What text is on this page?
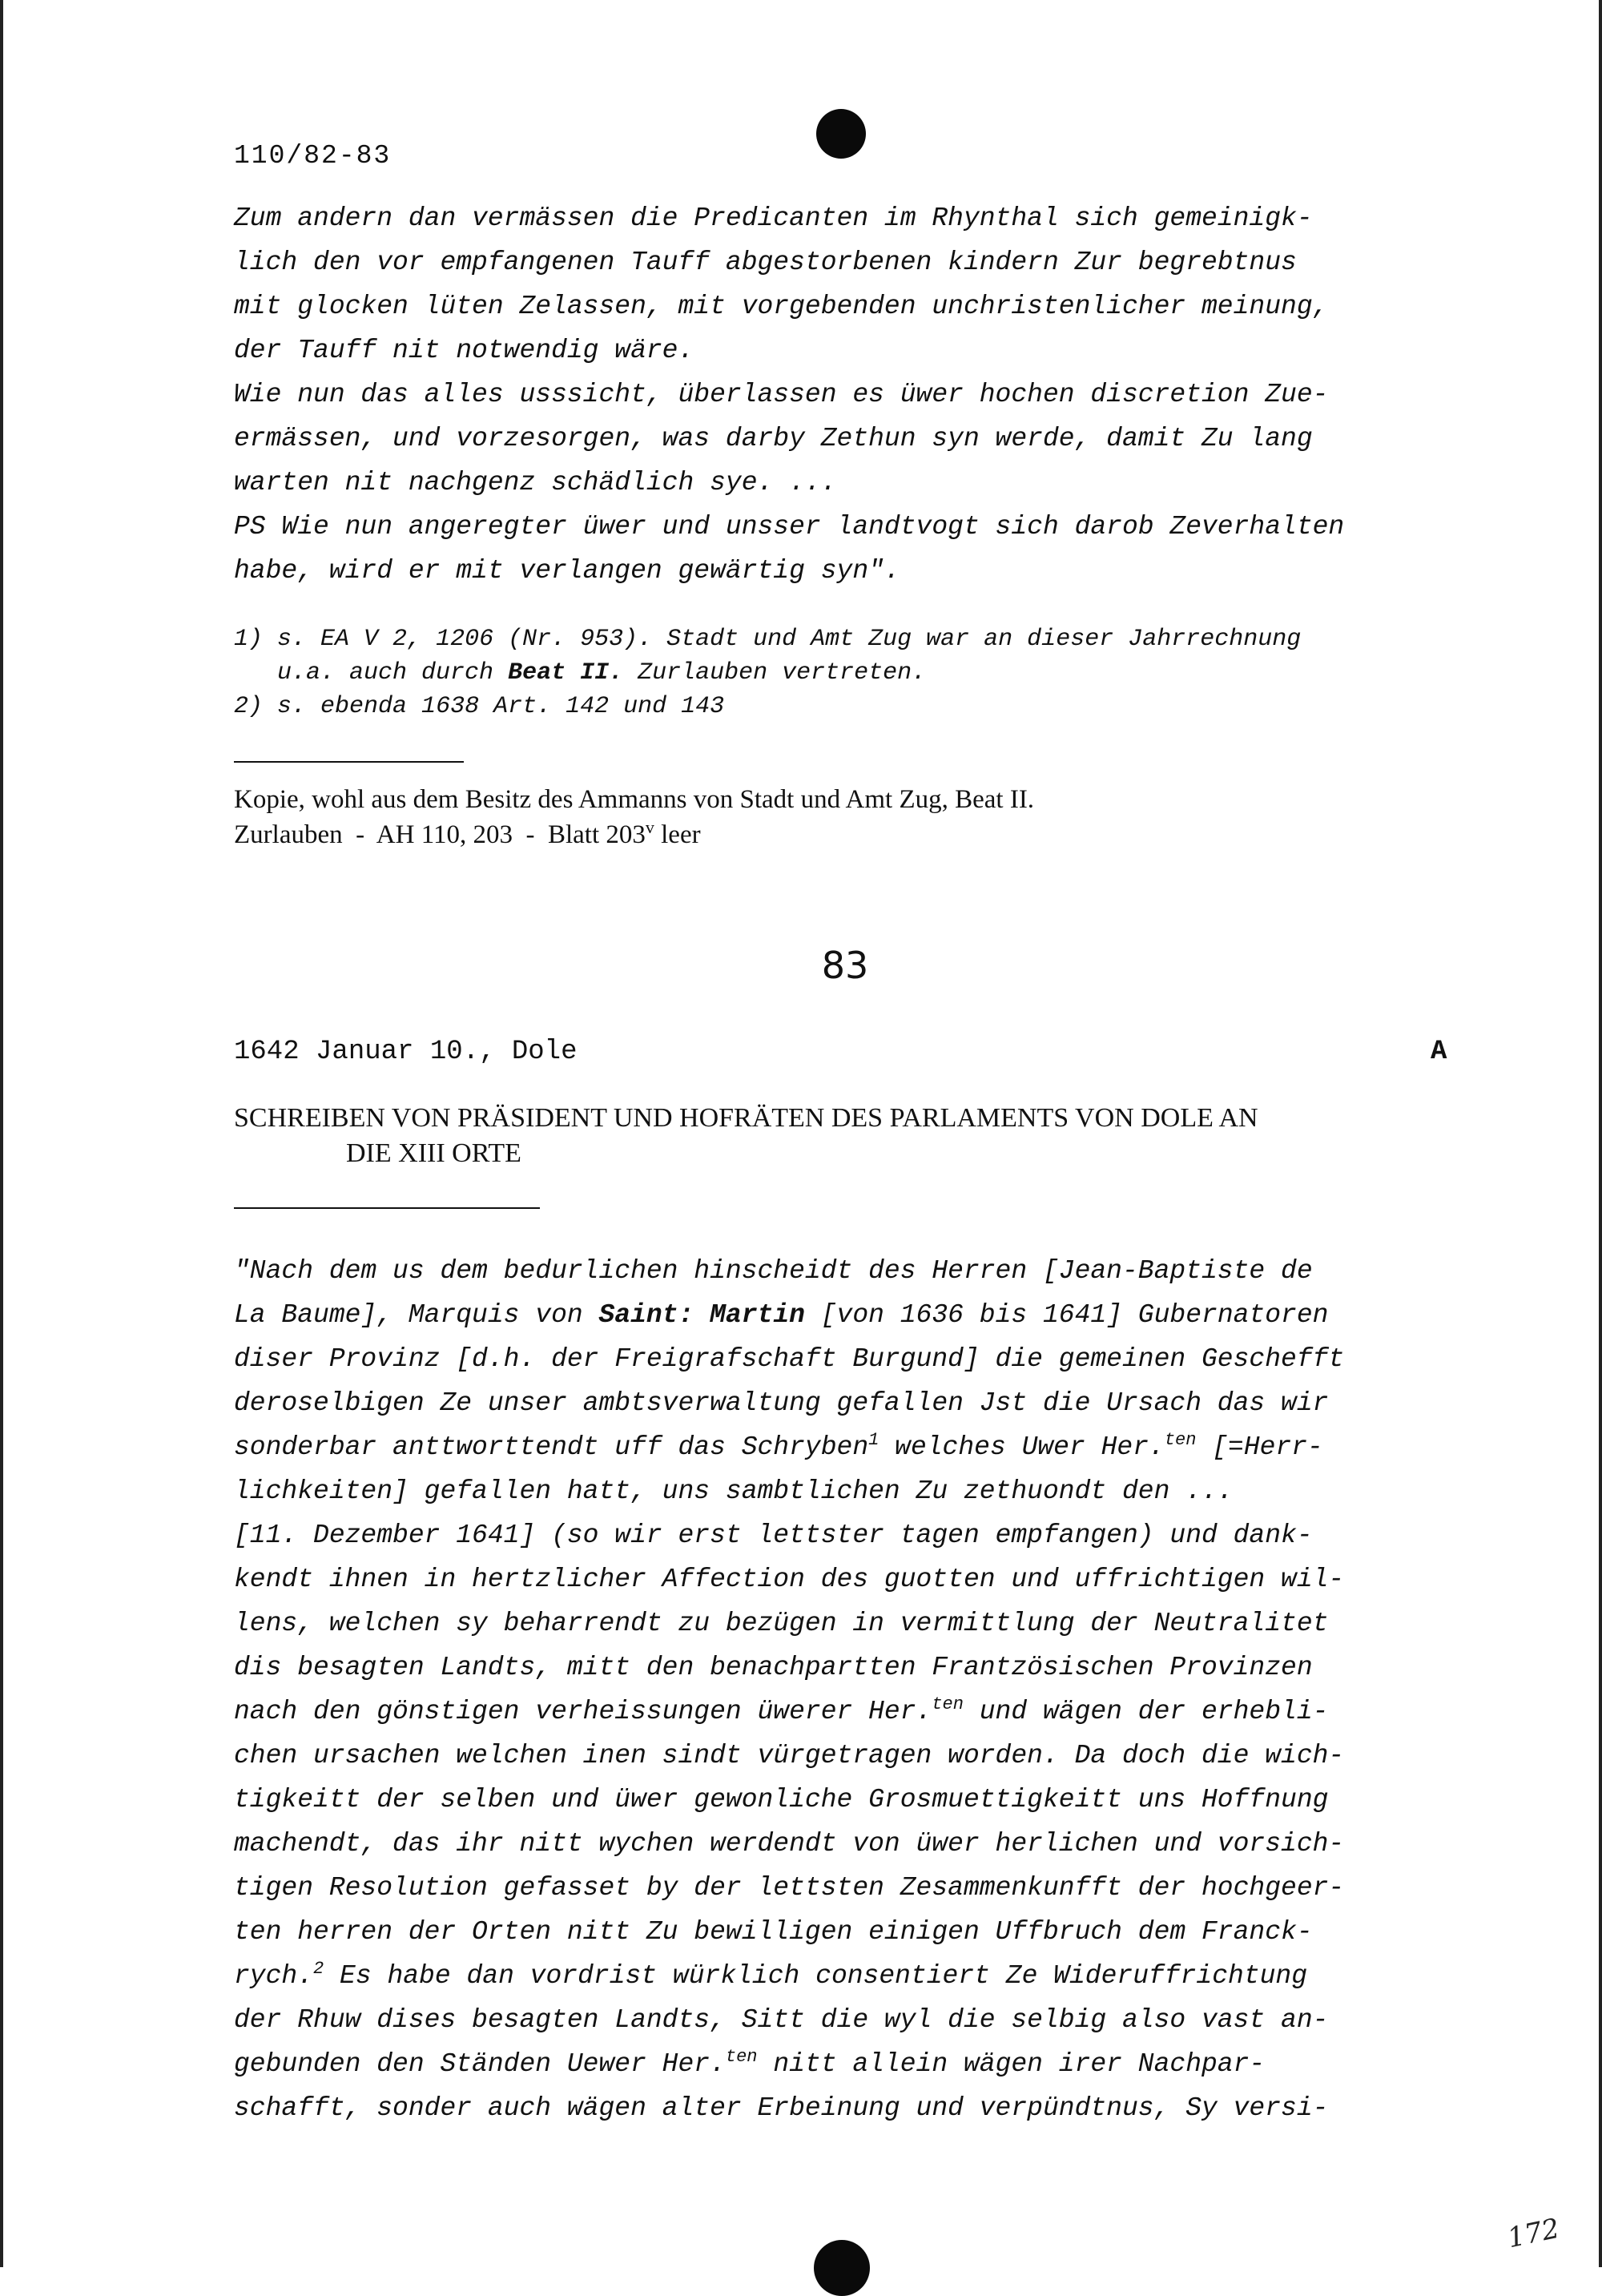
110/82-83
Zum andern dan vermässen die Predicanten im Rhynthal sich gemeinigk-
lich den vor empfangenen Tauff abgestorbenen kindern Zur begrebtnus
mit glocken lüten Zelassen, mit vorgebenden unchristenlicher meinung,
der Tauff nit notwendig wäre.
Wie nun das alles usssicht, überlassen es üwer hochen discretion Zue-
ermässen, und vorzesorgen, was darby Zethun syn werde, damit Zu lang
warten nit nachgenz schädlich sye. ...
PS Wie nun angeregter üwer und unsser landtvogt sich darob Zeverhalten
habe, wird er mit verlangen gewärtig syn".
1) s. EA V 2, 1206 (Nr. 953). Stadt und Amt Zug war an dieser Jahrrechnung
u.a. auch durch Beat II. Zurlauben vertreten.
2) s. ebenda 1638 Art. 142 und 143
Kopie, wohl aus dem Besitz des Ammanns von Stadt und Amt Zug, Beat II.
Zurlauben  -  AH 110, 203  -  Blatt 203$^v$ leer
83
1642 Januar 10., Dole	A
SCHREIBEN VON PRÄSIDENT UND HOFRÄTEN DES PARLAMENTS VON DOLE AN
DIE XIII ORTE
"Nach dem us dem bedurlichen hinscheidt des Herren [Jean-Baptiste de
La Baume], Marquis von Saint: Martin [von 1636 bis 1641] Gubernatoren
diser Provinz [d.h. der Freigrafschaft Burgund] die gemeinen Geschefft
deroselbigen Ze unser ambtsverwaltung gefallen Jst die Ursach das wir
sonderbar anttworttendt uff das Schryben$^1$ welches Uwer Her.$^{ten}$ [=Herr-
lichkeiten] gefallen hatt, uns sambtlichen Zu zethuondt den ...
[11. Dezember 1641] (so wir erst lettster tagen empfangen) und dank-
kendt ihnen in hertzlicher Affection des guotten und uffrichtigen wil-
lens, welchen sy beharrendt zu bezügen in vermittlung der Neutralitet
dis besagten Landts, mitt den benachpartten Frantzösischen Provinzen
nach den gönstigen verheissungen üwerer Her.$^{ten}$ und wägen der erhebli-
chen ursachen welchen inen sindt vürgetragen worden. Da doch die wich-
tigkeitt der selben und üwer gewonliche Grosmuettigkeitt uns Hoffnung
machendt, das ihr nitt wychen werdendt von üwer herlichen und vorsich-
tigen Resolution gefasset by der lettsten Zesammenkunfft der hochgeer-
ten herren der Orten nitt Zu bewilligen einigen Uffbruch dem Franck-
rych.$^2$ Es habe dan vordrist würklich consentiert Ze Wideruffrichtung
der Rhuw dises besagten Landts, Sitt die wyl die selbig also vast an-
gebunden den Ständen Uewer Her.$^{ten}$ nitt allein wägen irer Nachpar-
schafft, sonder auch wägen alter Erbeinung und verpündtnus, Sy versi-
172
